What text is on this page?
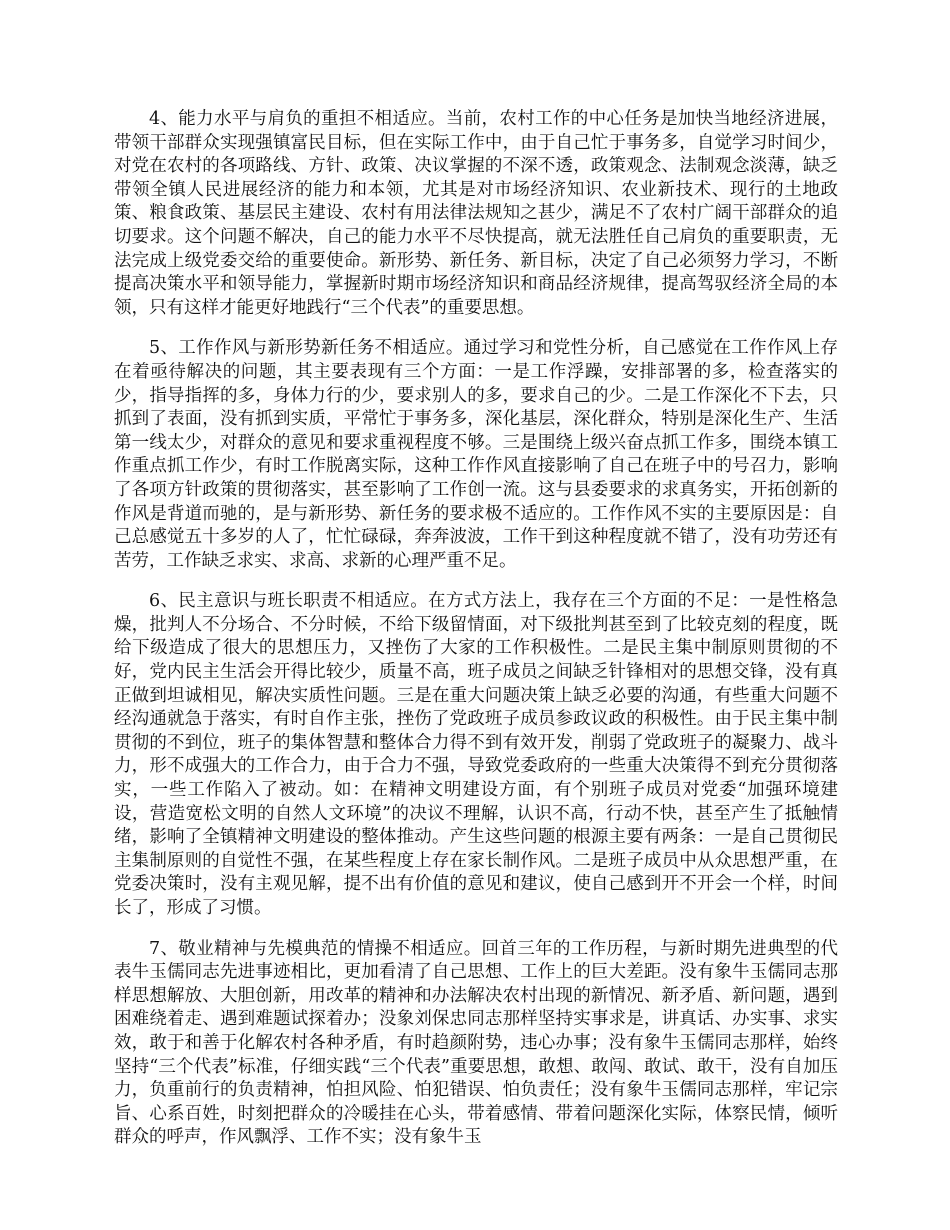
4、能力水平与肩负的重担不相适应。当前，农村工作的中心任务是加快当地经济进展，带领干部群众实现强镇富民目标，但在实际工作中，由于自己忙于事务多，自觉学习时间少，对党在农村的各项路线、方针、政策、决议掌握的不深不透，政策观念、法制观念淡薄，缺乏带领全镇人民进展经济的能力和本领，尤其是对市场经济知识、农业新技术、现行的土地政策、粮食政策、基层民主建设、农村有用法律法规知之甚少，满足不了农村广阔干部群众的追切要求。这个问题不解决，自己的能力水平不尽快提高，就无法胜任自己肩负的重要职责，无法完成上级党委交给的重要使命。新形势、新任务、新目标，决定了自己必须努力学习，不断提高决策水平和领导能力，掌握新时期市场经济知识和商品经济规律，提高驾驭经济全局的本领，只有这样才能更好地践行“三个代表”的重要思想。

5、工作作风与新形势新任务不相适应。通过学习和党性分析，自己感觉在工作作风上存在着亟待解决的问题，其主要表现有三个方面：一是工作浮躁，安排部署的多，检查落实的少，指导指挥的多，身体力行的少，要求别人的多，要求自己的少。二是工作深化不下去，只抓到了表面，没有抓到实质，平常忙于事务多，深化基层，深化群众，特别是深化生产、生活第一线太少，对群众的意见和要求重视程度不够。三是围绕上级兴奋点抓工作多，围绕本镇工作重点抓工作少，有时工作脱离实际，这种工作作风直接影响了自己在班子中的号召力，影响了各项方针政策的贯彻落实，甚至影响了工作创一流。这与县委要求的求真务实，开拓创新的作风是背道而驰的，是与新形势、新任务的要求极不适应的。工作作风不实的主要原因是：自己总感觉五十多岁的人了，忙忙碌碌，奔奔波波，工作干到这种程度就不错了，没有功劳还有苦劳，工作缺乏求实、求高、求新的心理严重不足。

6、民主意识与班长职责不相适应。在方式方法上，我存在三个方面的不足：一是性格急燥，批判人不分场合、不分时候，不给下级留情面，对下级批判甚至到了比较克刻的程度，既给下级造成了很大的思想压力，又挫伤了大家的工作积极性。二是民主集中制原则贯彻的不好，党内民主生活会开得比较少，质量不高，班子成员之间缺乏针锋相对的思想交锋，没有真正做到坦诚相见，解决实质性问题。三是在重大问题决策上缺乏必要的沟通，有些重大问题不经沟通就急于落实，有时自作主张，挫伤了党政班子成员参政议政的积极性。由于民主集中制贯彻的不到位，班子的集体智慧和整体合力得不到有效开发，削弱了党政班子的凝聚力、战斗力，形不成强大的工作合力，由于合力不强，导致党委政府的一些重大决策得不到充分贯彻落实，一些工作陷入了被动。如：在精神文明建设方面，有个别班子成员对党委“加强环境建设，营造宽松文明的自然人文环境”的决议不理解，认识不高，行动不快，甚至产生了抵触情绪，影响了全镇精神文明建设的整体推动。产生这些问题的根源主要有两条：一是自己贯彻民主集制原则的自觉性不强，在某些程度上存在家长制作风。二是班子成员中从众思想严重，在党委决策时，没有主观见解，提不出有价值的意见和建议，使自己感到开不开会一个样，时间长了，形成了习惯。

7、敬业精神与先模典范的情操不相适应。回首三年的工作历程，与新时期先进典型的代表牛玉儒同志先进事迹相比，更加看清了自己思想、工作上的巨大差距。没有象牛玉儒同志那样思想解放、大胆创新，用改革的精神和办法解决农村出现的新情况、新矛盾、新问题，遇到困难绕着走、遇到难题试探着办；没象刘保忠同志那样坚持实事求是，讲真话、办实事、求实效，敢于和善于化解农村各种矛盾，有时趋颜附势，违心办事；没有象牛玉儒同志那样，始终坚持“三个代表”标准，仔细实践“三个代表”重要思想，敢想、敢闯、敢试、敢干，没有自加压力，负重前行的负责精神，怕担风险、怕犯错误、怕负责任；没有象牛玉儒同志那样，牢记宗旨、心系百姓，时刻把群众的冷暖挂在心头，带着感情、带着问题深化实际，体察民情，倾听群众的呼声，作风飘浮、工作不实；没有象牛玉
